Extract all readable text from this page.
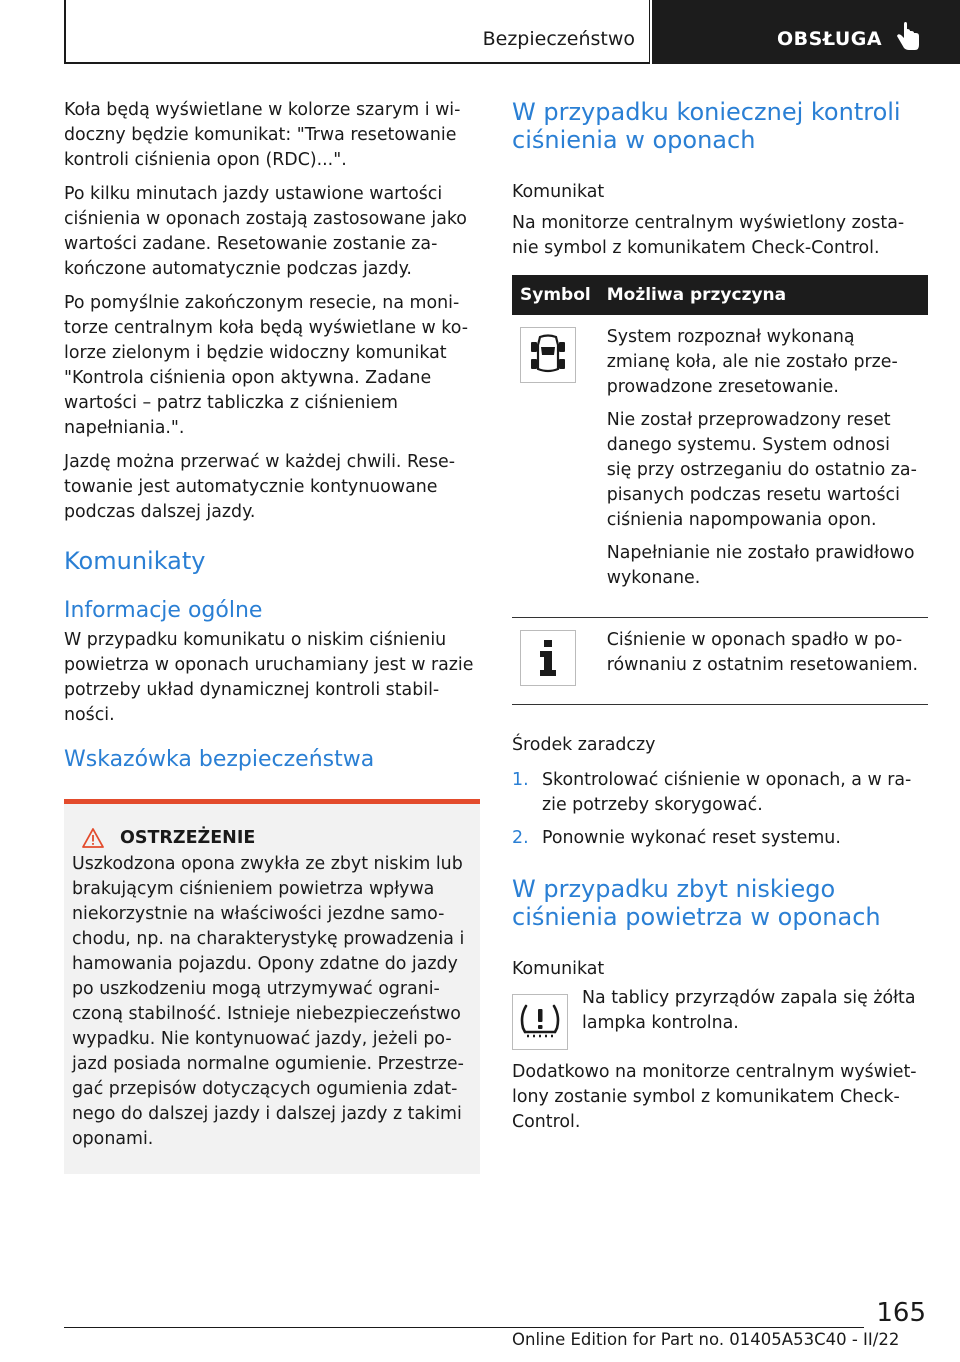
Bezpieczeństwo	OBSŁUGA

Koła będą wyświetlane w kolorze szarym i wi-doczny będzie komunikat: "Trwa resetowanie kontroli ciśnienia opon (RDC)...".

Po kilku minutach jazdy ustawione wartości ciśnienia w oponach zostają zastosowane jako wartości zadane. Resetowanie zostanie za-kończone automatycznie podczas jazdy.

Po pomyślnie zakończonym resecie, na moni-torze centralnym koła będą wyświetlane w ko-lorze zielonym i będzie widoczny komunikat "Kontrola ciśnienia opon aktywna. Zadane wartości – patrz tabliczka z ciśnieniem napełniania.".

Jazdę można przerwać w każdej chwili. Rese-towanie jest automatycznie kontynuowane podczas dalszej jazdy.

Komunikaty
Informacje ogólne

W przypadku komunikatu o niskim ciśnieniu powietrza w oponach uruchamiany jest w razie potrzeby układ dynamicznej kontroli stabil-ności.

Wskazówka bezpieczeństwa
OSTRZEŻENIE

Uszkodzona opona zwykła ze zbyt niskim lub brakującym ciśnieniem powietrza wpływa niekorzystnie na właściwości jezdne samo-chodu, np. na charakterystykę prowadzenia i hamowania pojazdu. Opony zdatne do jazdy po uszkodzeniu mogą utrzymywać ograni-czoną stabilność. Istnieje niebezpieczeństwo wypadku. Nie kontynuować jazdy, jeżeli po-jazd posiada normalne ogumienie. Przestrze-gać przepisów dotyczących ogumienia zdat-nego do dalszej jazdy i dalszej jazdy z takimi oponami.

W przypadku koniecznej kontroli ciśnienia w oponach
Komunikat

Na monitorze centralnym wyświetlony zosta-nie symbol z komunikatem Check-Control.

Symbol	Możliwa przyczyna

System rozpoznał wykonaną zmianę koła, ale nie zostało prze-prowadzone zresetowanie.

Nie został przeprowadzony reset danego systemu. System odnosi się przy ostrzeganiu do ostatnio za-pisanych podczas resetu wartości ciśnienia napompowania opon.

Napełnianie nie zostało prawidłowo wykonane.

Ciśnienie w oponach spadło w po-równaniu z ostatnim resetowaniem.

Środek zaradczy
1. Skontrolować ciśnienie w oponach, a w ra-zie potrzeby skorygować.
2. Ponownie wykonać reset systemu.
W przypadku zbyt niskiego ciśnienia powietrza w oponach
Komunikat

Na tablicy przyrządów zapala się żółta lampka kontrolna.

Dodatkowo na monitorze centralnym wyświet-lony zostanie symbol z komunikatem Check-Control.

165
Online Edition for Part no. 01405A53C40 - II/22
